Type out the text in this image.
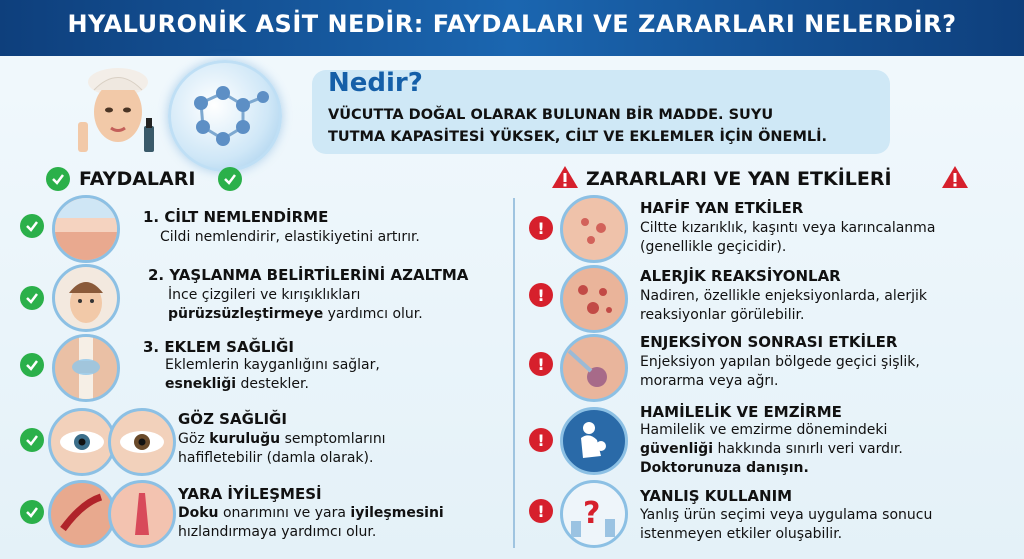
HYALURONİK ASİT NEDİR: FAYDALARI VE ZARARLARI NELERDİR?
Nedir?
VÜCUTTA DOĞAL OLARAK BULUNAN BİR MADDE. SUYU
TUTMA KAPASİTESİ YÜKSEK, CİLT VE EKLEMLER İÇİN ÖNEMLİ.
FAYDALARI	ZARARLARI VE YAN ETKİLERİ
1. CİLT NEMLENDİRME
Cildi nemlendirir, elastikiyetini artırır.
2. YAŞLANMA BELİRTİLERİNİ AZALTMA
İnce çizgileri ve kırışıklıkları
pürüzsüzleştirmeye yardımcı olur.
3. EKLEM SAĞLIĞI
Eklemlerin kayganlığını sağlar,
esnekliği destekler.
GÖZ SAĞLIĞI
Göz kuruluğu semptomlarını
hafifletebilir (damla olarak).
YARA İYİLEŞMESİ
Doku onarımını ve yara iyileşmesini
hızlandırmaya yardımcı olur.
!
HAFİF YAN ETKİLER
Ciltte kızarıklık, kaşıntı veya karıncalanma
(genellikle geçicidir).
!
ALERJİK REAKSİYONLAR
Nadiren, özellikle enjeksiyonlarda, alerjik
reaksiyonlar görülebilir.
!
ENJEKSİYON SONRASI ETKİLER
Enjeksiyon yapılan bölgede geçici şişlik,
morarma veya ağrı.
!
HAMİLELİK VE EMZİRME
Hamilelik ve emzirme dönemindeki
güvenliği hakkında sınırlı veri vardır.
Doktorunuza danışın.
! ?	YANLIŞ KULLANIM
Yanlış ürün seçimi veya uygulama sonucu
istenmeyen etkiler oluşabilir.
